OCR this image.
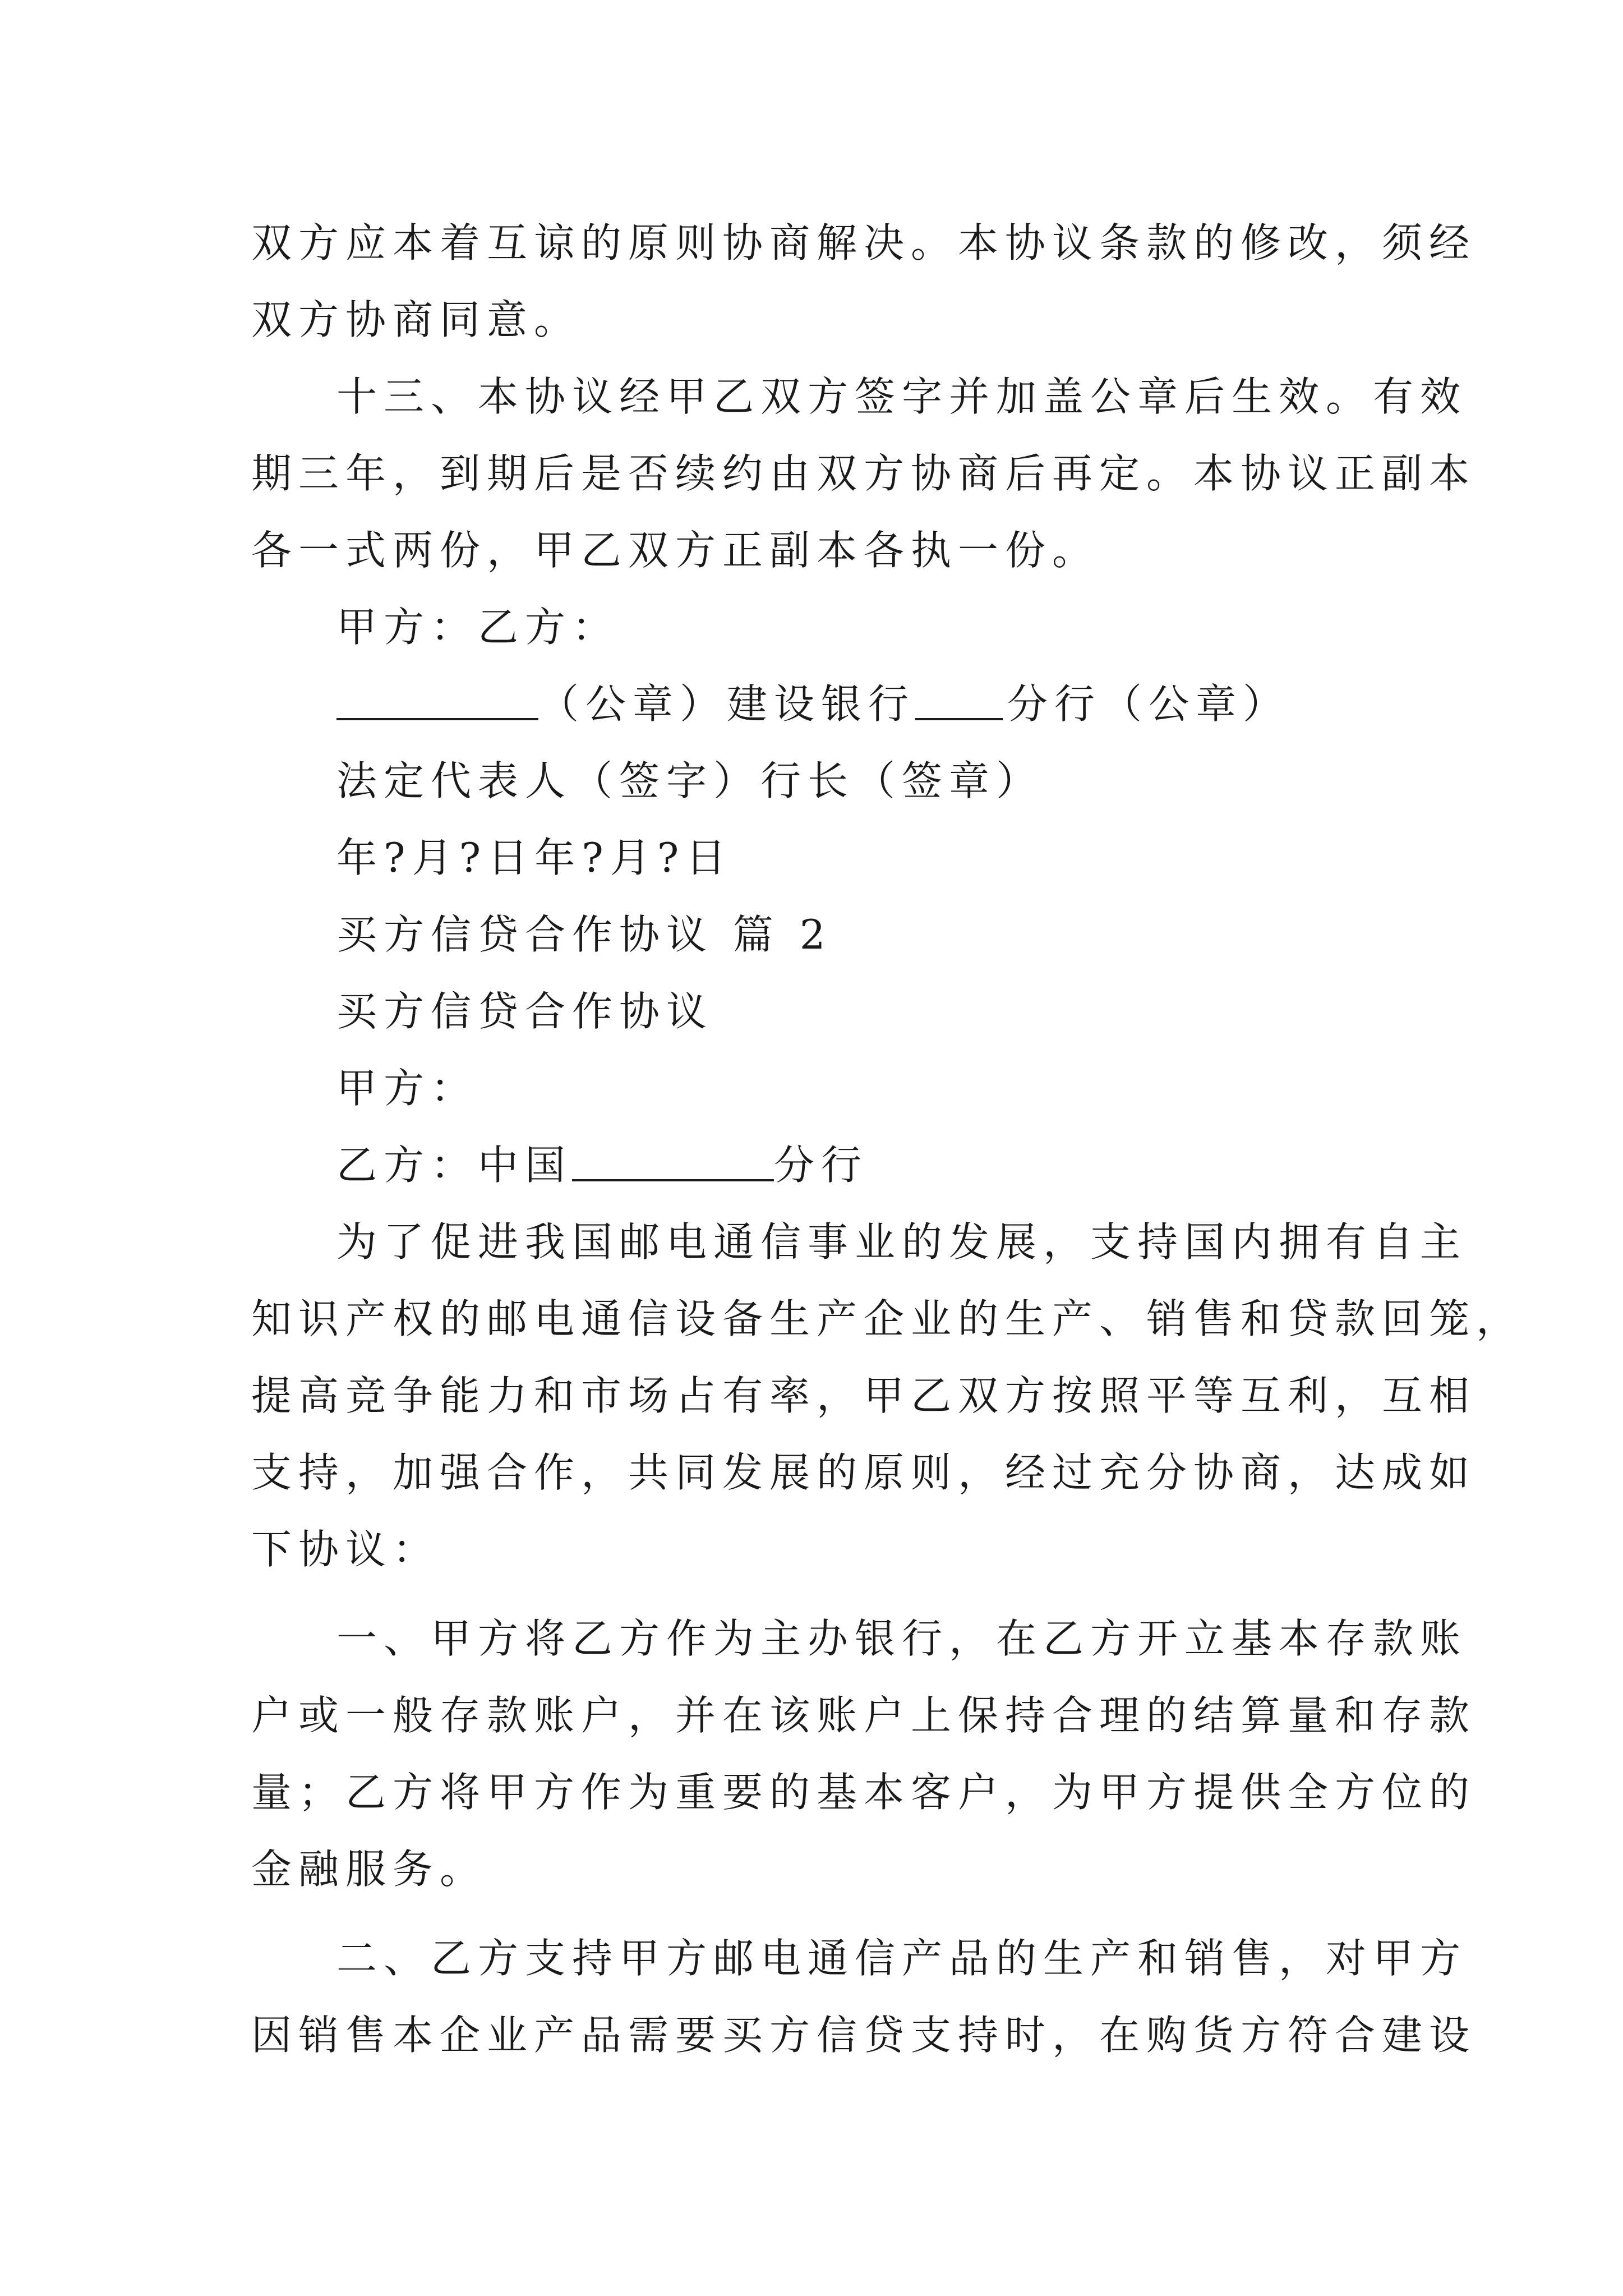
双方应本着互谅的原则协商解决。本协议条款的修改，须经
双方协商同意。
十三、本协议经甲乙双方签字并加盖公章后生效。有效
期三年，到期后是否续约由双方协商后再定。本协议正副本
各一式两份，甲乙双方正副本各执一份。
甲方：乙方：
（公章）建设银行 分行（公章）
法定代表人（签字）行长（签章）
年?月?日年?月?日
买方信贷合作协议 篇 2
买方信贷合作协议
甲方：
乙方：中国	分行
为了促进我国邮电通信事业的发展，支持国内拥有自主
知识产权的邮电通信设备生产企业的生产、销售和贷款回笼，
提高竞争能力和市场占有率，甲乙双方按照平等互利，互相
支持，加强合作，共同发展的原则，经过充分协商，达成如
下协议：
一、甲方将乙方作为主办银行，在乙方开立基本存款账
户或一般存款账户，并在该账户上保持合理的结算量和存款
量；乙方将甲方作为重要的基本客户，为甲方提供全方位的
金融服务。
二、乙方支持甲方邮电通信产品的生产和销售，对甲方
因销售本企业产品需要买方信贷支持时，在购货方符合建设
